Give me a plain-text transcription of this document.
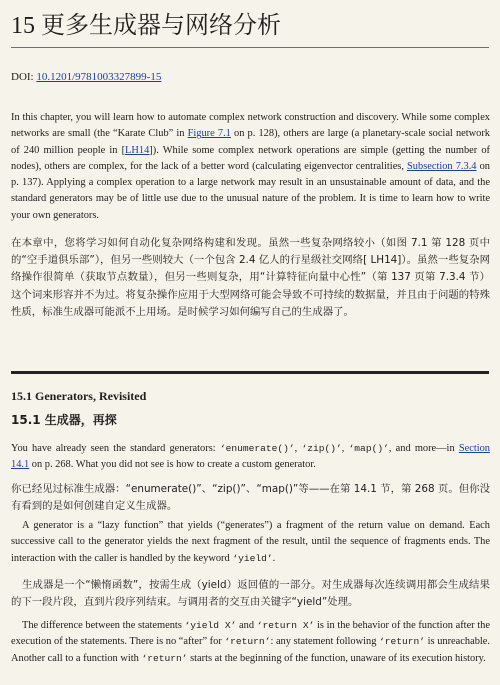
15 更多生成器与网络分析
DOI: 10.1201/9781003327899-15

In this chapter, you will learn how to automate complex network construction and discovery. While some complex networks are small (the “Karate Club” in Figure 7.1 on p. 128), others are large (a planetary-scale social network of 240 million people in [LH14]). While some complex network operations are simple (getting the number of nodes), others are complex, for the lack of a better word (calculating eigenvector centralities, Subsection 7.3.4 on p. 137). Applying a complex operation to a large network may result in an unsustainable amount of data, and the standard generators may be of little use due to the unusual nature of the problem. It is time to learn how to write your own generators.

在本章中，您将学习如何自动化复杂网络构建和发现。虽然一些复杂网络较小（如图 7.1 第 128 页中的“空手道俱乐部”），但另一些则较大（一个包含 2.4 亿人的行星级社交网络[ LH14]）。虽然一些复杂网络操作很简单（获取节点数量），但另一些则复杂，用“计算特征向量中心性”（第 137 页第 7.3.4 节）这个词来形容并不为过。将复杂操作应用于大型网络可能会导致不可持续的数据量，并且由于问题的特殊性质，标准生成器可能派不上用场。是时候学习如何编写自己的生成器了。

15.1 Generators, Revisited
15.1 生成器，再探

You have already seen the standard generators: ‘enumerate()’, ‘zip()’, ‘map()’, and more—in Section 14.1 on p. 268. What you did not see is how to create a custom generator.

你已经见过标准生成器：“enumerate()”、“zip()”、“map()”等——在第 14.1 节，第 268 页。但你没有看到的是如何创建自定义生成器。

A generator is a “lazy function” that yields (“generates”) a fragment of the return value on demand. Each successive call to the generator yields the next fragment of the result, until the sequence of fragments ends. The interaction with the caller is handled by the keyword ‘yield’.

生成器是一个“懒惰函数”，按需生成（yield）返回值的一部分。对生成器每次连续调用都会生成结果的下一段片段，直到片段序列结束。与调用者的交互由关键字“yield”处理。

The difference between the statements ‘yield X’ and ‘return X’ is in the behavior of the function after the execution of the statements. There is no “after” for ‘return’: any statement following ‘return’ is unreachable. Another call to a function with ‘return’ starts at the beginning of the function, unaware of its execution history.
